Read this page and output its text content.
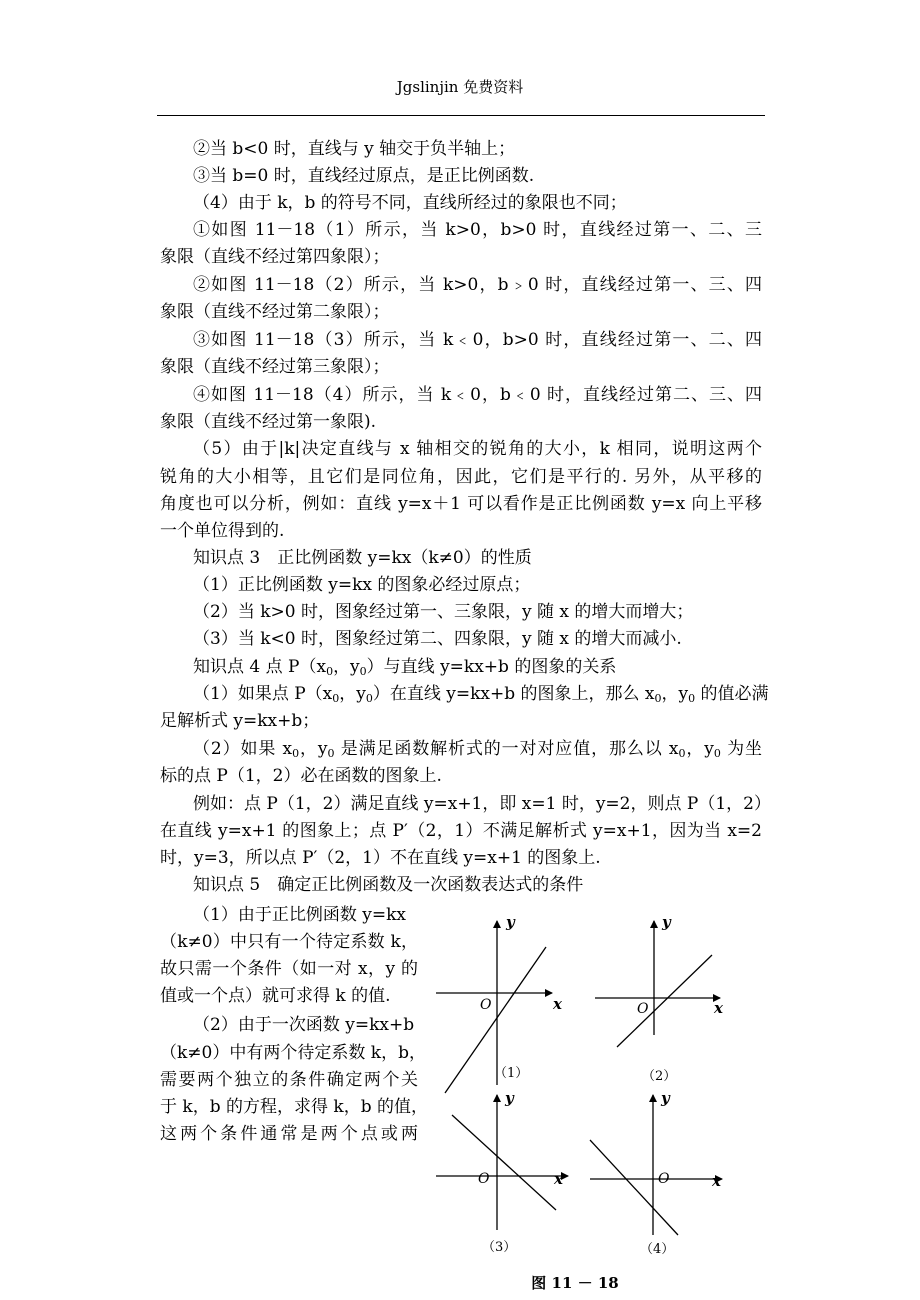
Jgslinjin 免费资料
②当 b<0 时，直线与 y 轴交于负半轴上；
③当 b=0 时，直线经过原点，是正比例函数.
（4）由于 k，b 的符号不同，直线所经过的象限也不同；
①如图 11－18（1）所示，当 k>0，b>0 时，直线经过第一、二、三
象限（直线不经过第四象限）；
②如图 11－18（2）所示，当 k>0，b﹥0 时，直线经过第一、三、四
象限（直线不经过第二象限）；
③如图 11－18（3）所示，当 k﹤0，b>0 时，直线经过第一、二、四
象限（直线不经过第三象限）；
④如图 11－18（4）所示，当 k﹤0，b﹤0 时，直线经过第二、三、四
象限（直线不经过第一象限).
（5）由于|k|决定直线与 x 轴相交的锐角的大小，k 相同，说明这两个
锐角的大小相等，且它们是同位角，因此，它们是平行的. 另外，从平移的
角度也可以分析，例如：直线 y=x＋1 可以看作是正比例函数 y=x 向上平移
一个单位得到的.
知识点 3　正比例函数 y=kx（k≠0）的性质
（1）正比例函数 y=kx 的图象必经过原点；
（2）当 k>0 时，图象经过第一、三象限，y 随 x 的增大而增大；
（3）当 k<0 时，图象经过第二、四象限，y 随 x 的增大而减小.
知识点 4 点 $P(x_0$，$y_0$）与直线 y=kx+b 的图象的关系
（1）如果点 $P(x_0$，$y_0$）在直线 y=kx+b 的图象上，那么 $x_0$，$y_0$ 的值必满
足解析式 y=kx+b；
（2）如果 $x_0$，$y_0$ 是满足函数解析式的一对对应值，那么以 $x_0$，$y_0$ 为坐
标的点 P（1，2）必在函数的图象上.
例如：点 P（1，2）满足直线 y=x+1，即 x=1 时，y=2，则点 P（1，2）
在直线 y=x+1 的图象上；点 P′（2，1）不满足解析式 y=x+1，因为当 x=2
时，y=3，所以点 P′（2，1）不在直线 y=x+1 的图象上.
知识点 5　确定正比例函数及一次函数表达式的条件
（1）由于正比例函数 y=kx
（k≠0）中只有一个待定系数 k，
故只需一个条件（如一对 x，y 的
值或一个点）就可求得 k 的值.
（2）由于一次函数 y=kx+b
（k≠0）中有两个待定系数 k，b，
需要两个独立的条件确定两个关
于 k，b 的方程，求得 k，b 的值，
这两个条件通常是两个点或两
y
x
O
（1）
y
x
O
（2）
y
x
O
（3）
y
x
O
（4）
图 11 － 18
